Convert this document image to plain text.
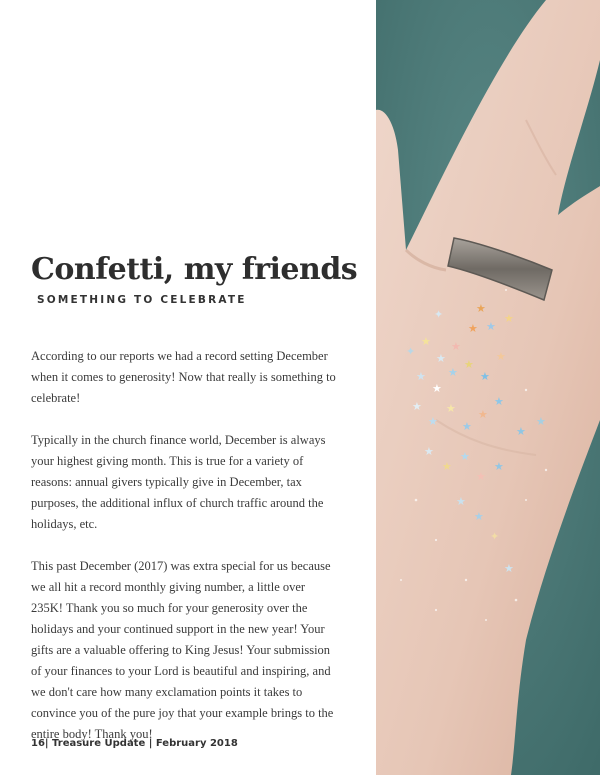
Confetti, my friends
SOMETHING TO CELEBRATE

According to our reports we had a record setting December when it comes to generosity! Now that really is something to celebrate!

Typically in the church finance world, December is always your highest giving month. This is true for a variety of reasons: annual givers typically give in December, tax purposes, the additional influx of church traffic around the holidays, etc.

This past December (2017) was extra special for us because we all hit a record monthly giving number, a little over 235K! Thank you so much for your generosity over the holidays and your continued support in the new year! Your gifts are a valuable offering to King Jesus! Your submission of your finances to your Lord is beautiful and inspiring, and we don't care how many exclamation points it takes to convince you of the pure joy that your example brings to the entire body! Thank you!

16| Treasure Update | February 2018
✦
★
★
★
★
★
★
★
★
★
★
★
★
★
★
★
★
★
★
★
★
★
★
★
★
★
★
★
✦
★
✦	★
